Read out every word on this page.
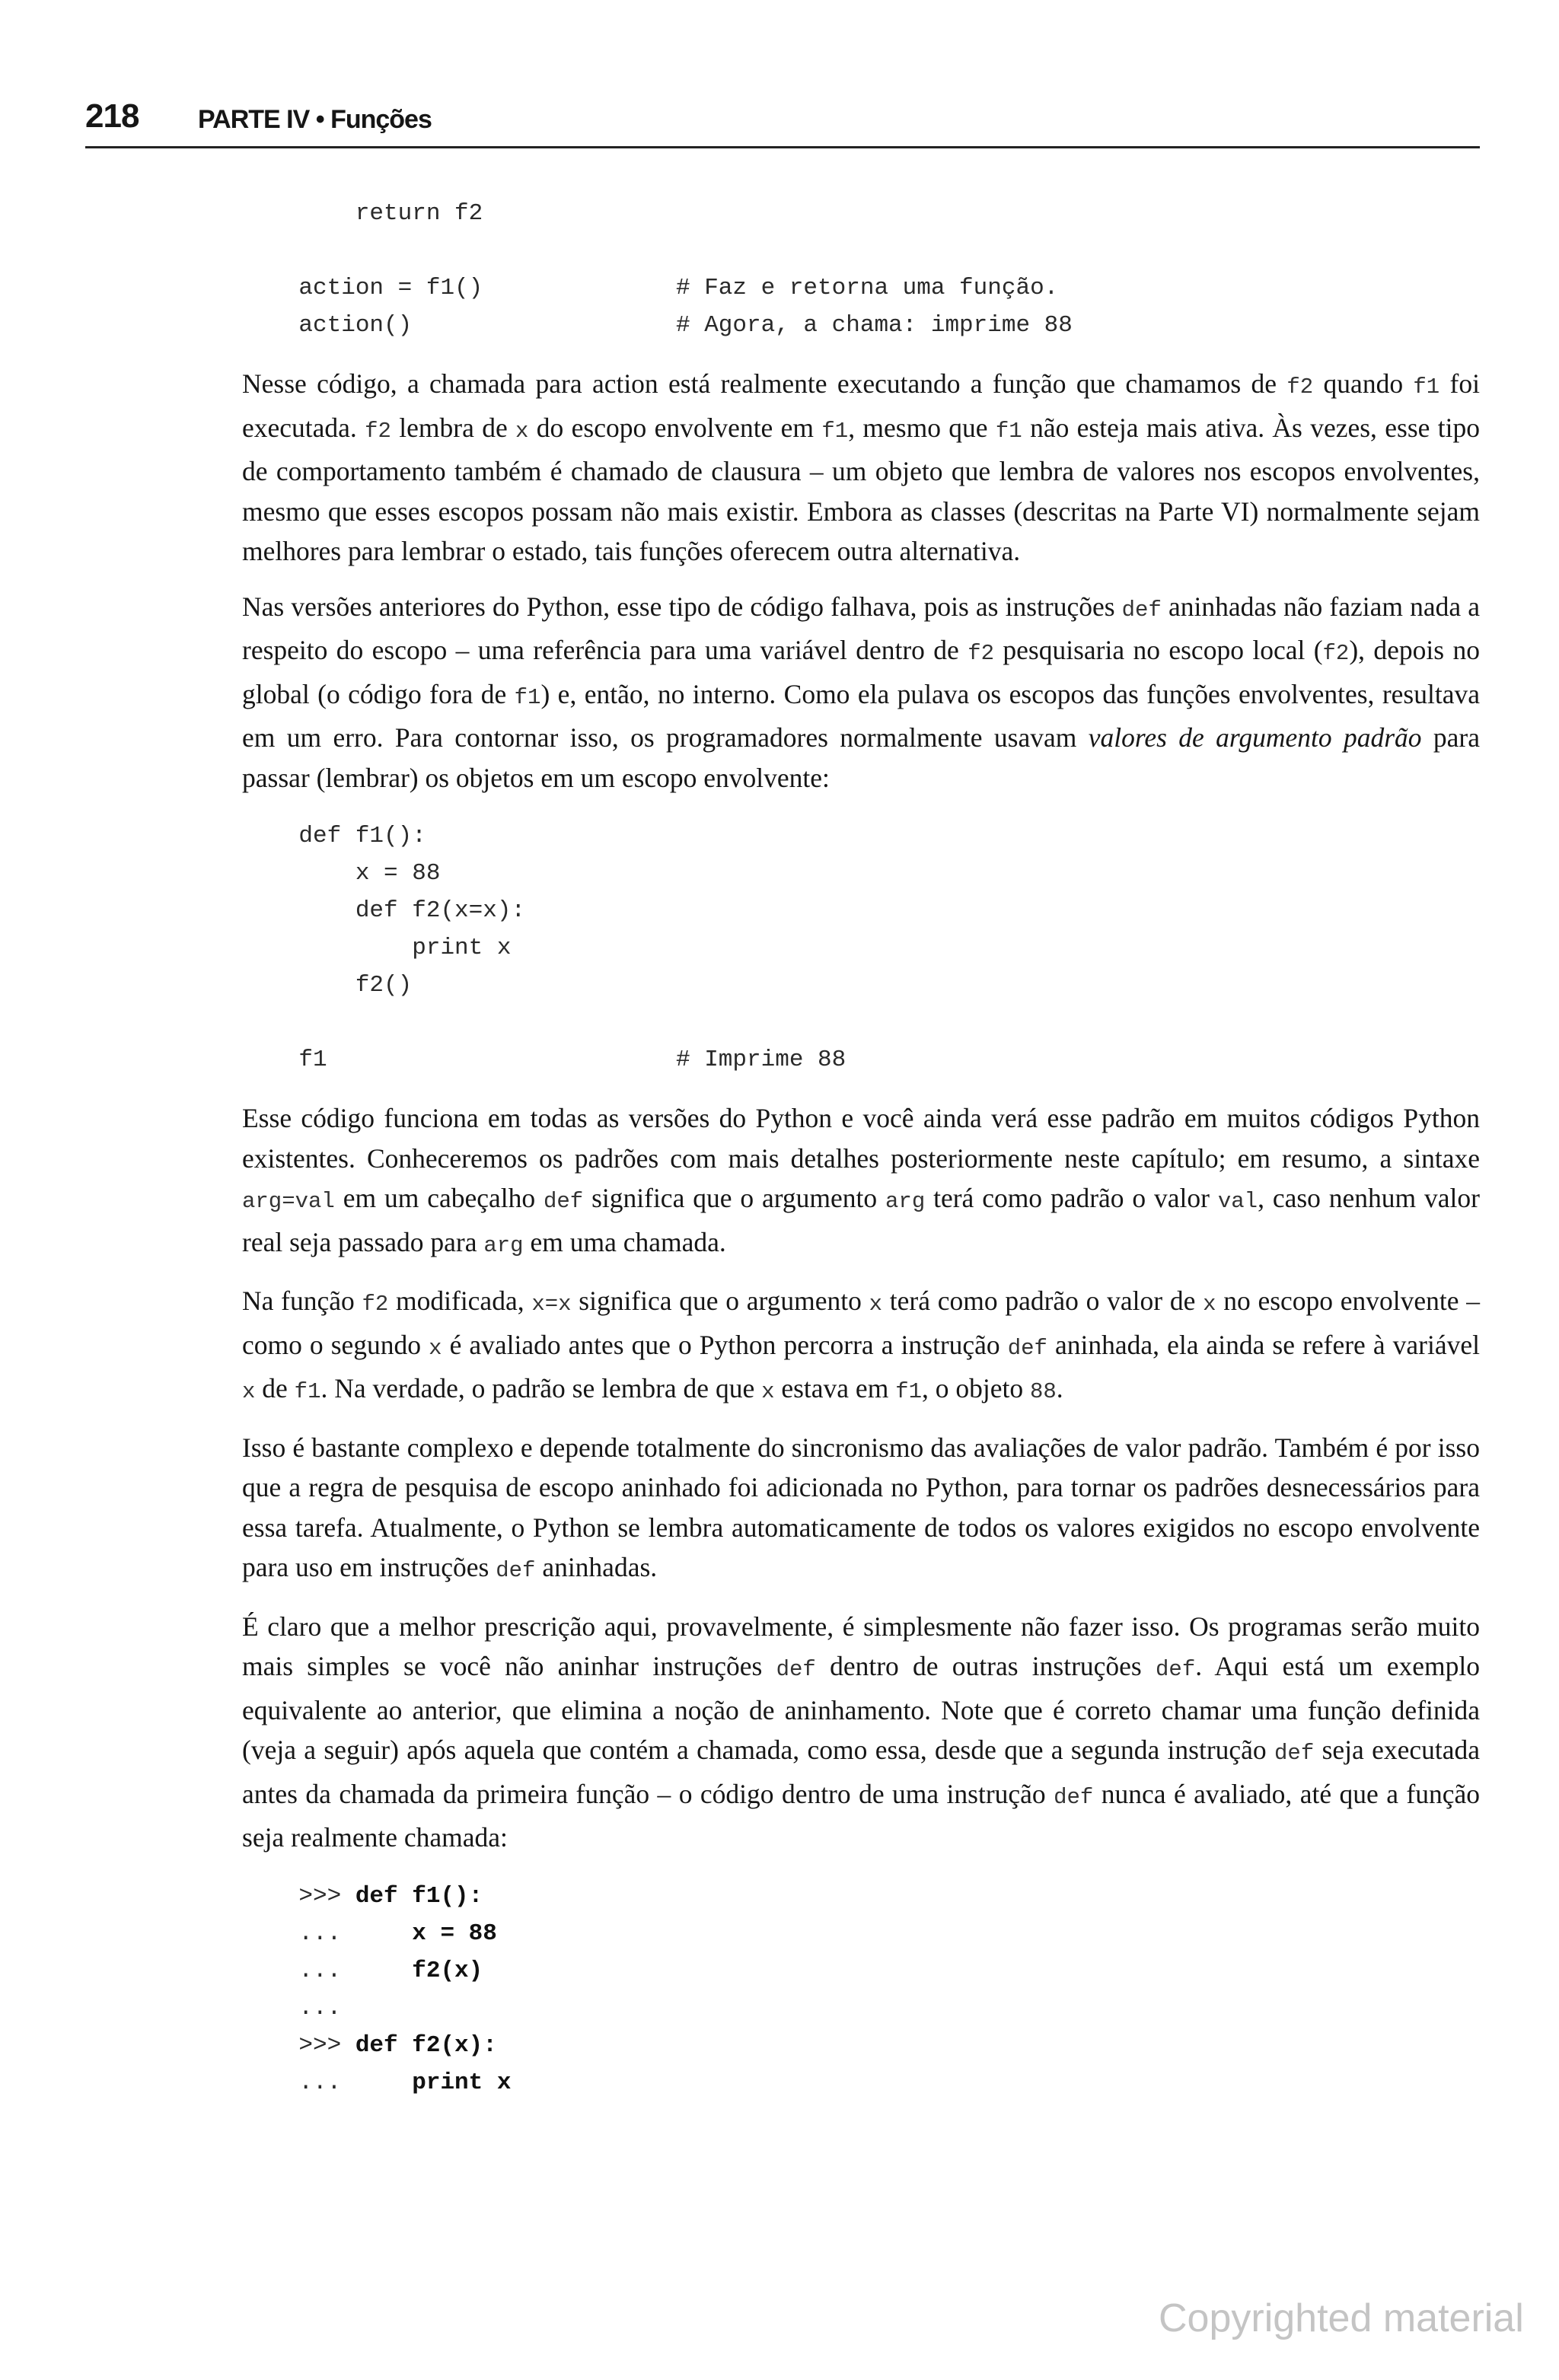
218 PARTE IV • Funções
return f2
action = f1()	# Faz e retorna uma função.
action()	# Agora, a chama: imprime 88

Nesse código, a chamada para action está realmente executando a função que chamamos de f2 quando f1 foi executada. f2 lembra de x do escopo envolvente em f1, mesmo que f1 não esteja mais ativa. Às vezes, esse tipo de comportamento também é chamado de clausura – um objeto que lembra de valores nos escopos envolventes, mesmo que esses escopos possam não mais existir. Embora as classes (descritas na Parte VI) normalmente sejam melhores para lembrar o estado, tais funções oferecem outra alternativa.

Nas versões anteriores do Python, esse tipo de código falhava, pois as instruções def aninhadas não faziam nada a respeito do escopo – uma referência para uma variável dentro de f2 pesquisaria no escopo local (f2), depois no global (o código fora de f1) e, então, no interno. Como ela pulava os escopos das funções envolventes, resultava em um erro. Para contornar isso, os programadores normalmente usavam valores de argumento padrão para passar (lembrar) os objetos em um escopo envolvente:

def f1():
x = 88
def f2(x=x):
print x
f2()
f1	# Imprime 88

Esse código funciona em todas as versões do Python e você ainda verá esse padrão em muitos códigos Python existentes. Conheceremos os padrões com mais detalhes posteriormente neste capítulo; em resumo, a sintaxe arg=val em um cabeçalho def significa que o argumento arg terá como padrão o valor val, caso nenhum valor real seja passado para arg em uma chamada.

Na função f2 modificada, x=x significa que o argumento x terá como padrão o valor de x no escopo envolvente – como o segundo x é avaliado antes que o Python percorra a instrução def aninhada, ela ainda se refere à variável x de f1. Na verdade, o padrão se lembra de que x estava em f1, o objeto 88.

Isso é bastante complexo e depende totalmente do sincronismo das avaliações de valor padrão. Também é por isso que a regra de pesquisa de escopo aninhado foi adicionada no Python, para tornar os padrões desnecessários para essa tarefa. Atualmente, o Python se lembra automaticamente de todos os valores exigidos no escopo envolvente para uso em instruções def aninhadas.

É claro que a melhor prescrição aqui, provavelmente, é simplesmente não fazer isso. Os programas serão muito mais simples se você não aninhar instruções def dentro de outras instruções def. Aqui está um exemplo equivalente ao anterior, que elimina a noção de aninhamento. Note que é correto chamar uma função definida (veja a seguir) após aquela que contém a chamada, como essa, desde que a segunda instrução def seja executada antes da chamada da primeira função – o código dentro de uma instrução def nunca é avaliado, até que a função seja realmente chamada:

>>> def f1():
...     x = 88
...     f2(x)
...
>>> def f2(x):
...     print x
Copyrighted material
